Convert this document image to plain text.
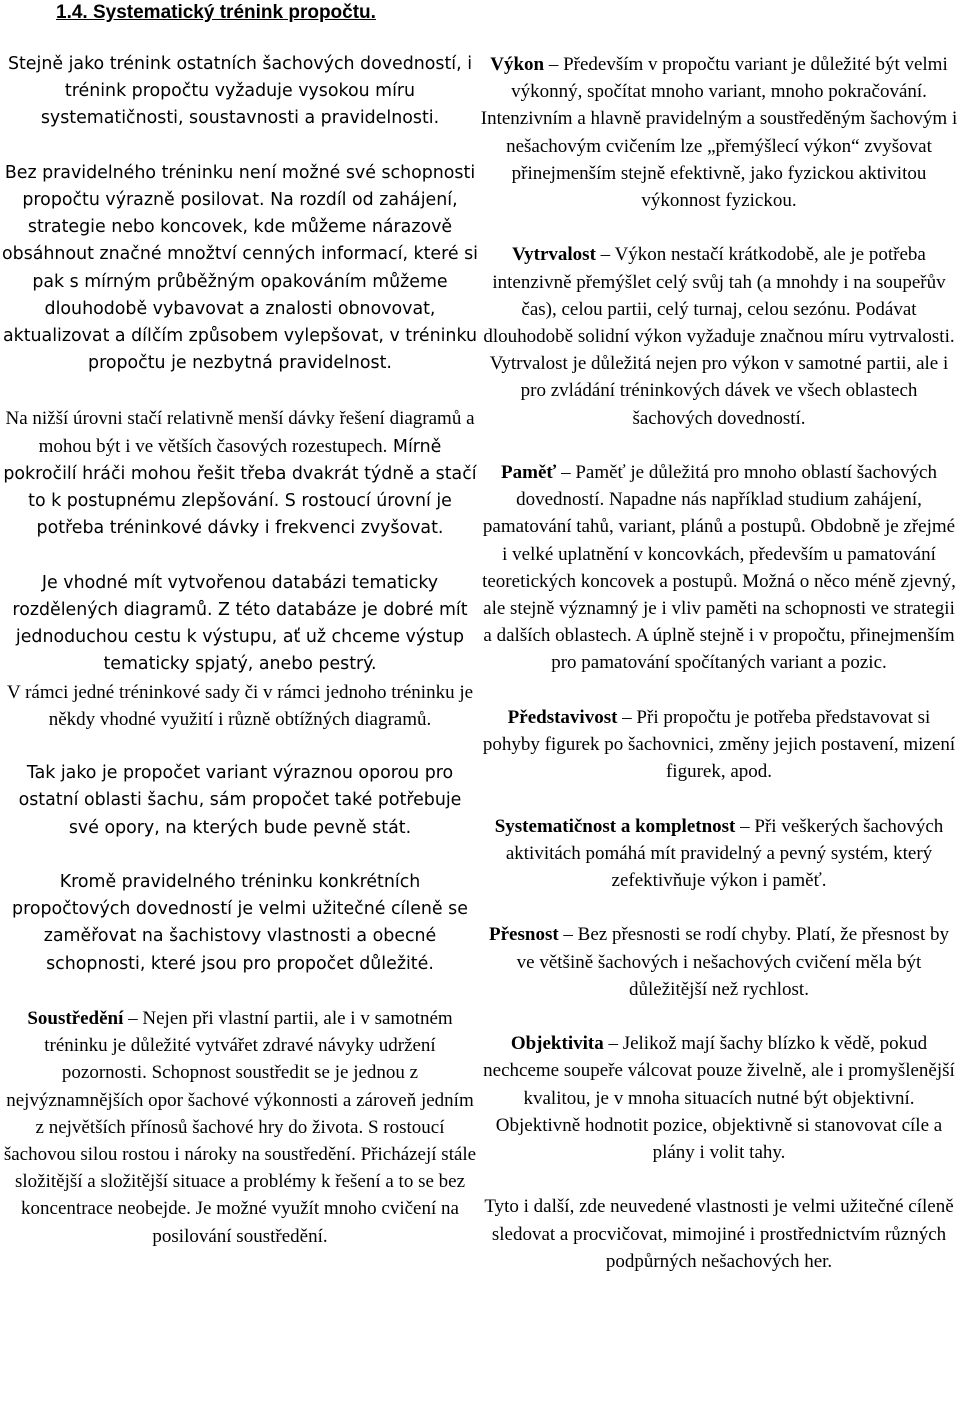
1.4. Systematický trénink propočtu.

Stejně jako trénink ostatních šachových dovedností, i trénink propočtu vyžaduje vysokou míru systematičnosti, soustavnosti a pravidelnosti.

Bez pravidelného tréninku není možné své schopnosti propočtu výrazně posilovat. Na rozdíl od zahájení, strategie nebo koncovek, kde můžeme nárazově obsáhnout značné množtví cenných informací, které si pak s mírným průběžným opakováním můžeme dlouhodobě vybavovat a znalosti obnovovat, aktualizovat a dílčím způsobem vylepšovat, v tréninku propočtu je nezbytná pravidelnost.

Na nižší úrovni stačí relativně menší dávky řešení diagramů a mohou být i ve větších časových rozestupech. Mírně pokročilí hráči mohou řešit třeba dvakrát týdně a stačí to k postupnému zlepšování. S rostoucí úrovní je potřeba tréninkové dávky i frekvenci zvyšovat.

Je vhodné mít vytvořenou databázi tematicky rozdělených diagramů. Z této databáze je dobré mít jednoduchou cestu k výstupu, ať už chceme výstup tematicky spjatý, anebo pestrý.

V rámci jedné tréninkové sady či v rámci jednoho tréninku je někdy vhodné využití i různě obtížných diagramů.

Tak jako je propočet variant výraznou oporou pro ostatní oblasti šachu, sám propočet také potřebuje své opory, na kterých bude pevně stát.

Kromě pravidelného tréninku konkrétních propočtových dovedností je velmi užitečné cíleně se zaměřovat na šachistovy vlastnosti a obecné schopnosti, které jsou pro propočet důležité.

Soustředění – Nejen při vlastní partii, ale i v samotném tréninku je důležité vytvářet zdravé návyky udržení pozornosti. Schopnost soustředit se je jednou z nejvýznamnějších opor šachové výkonnosti a zároveň jedním z největších přínosů šachové hry do života. S rostoucí šachovou silou rostou i nároky na soustředění. Přicházejí stále složitější a složitější situace a problémy k řešení a to se bez koncentrace neobejde. Je možné využít mnoho cvičení na posilování soustředění.

Výkon – Především v propočtu variant je důležité být velmi výkonný, spočítat mnoho variant, mnoho pokračování. Intenzivním a hlavně pravidelným a soustředěným šachovým i nešachovým cvičením lze „přemýšlecí výkon“ zvyšovat přinejmenším stejně efektivně, jako fyzickou aktivitou výkonnost fyzickou.

Vytrvalost – Výkon nestačí krátkodobě, ale je potřeba intenzivně přemýšlet celý svůj tah (a mnohdy i na soupeřův čas), celou partii, celý turnaj, celou sezónu. Podávat dlouhodobě solidní výkon vyžaduje značnou míru vytrvalosti. Vytrvalost je důležitá nejen pro výkon v samotné partii, ale i pro zvládání tréninkových dávek ve všech oblastech šachových dovedností.

Paměť – Paměť je důležitá pro mnoho oblastí šachových dovedností. Napadne nás například studium zahájení, pamatování tahů, variant, plánů a postupů. Obdobně je zřejmé i velké uplatnění v koncovkách, především u pamatování teoretických koncovek a postupů. Možná o něco méně zjevný, ale stejně významný je i vliv paměti na schopnosti ve strategii a dalších oblastech. A úplně stejně i v propočtu, přinejmenším pro pamatování spočítaných variant a pozic.

Představivost – Při propočtu je potřeba představovat si pohyby figurek po šachovnici, změny jejich postavení, mizení figurek, apod.

Systematičnost a kompletnost – Při veškerých šachových aktivitách pomáhá mít pravidelný a pevný systém, který zefektivňuje výkon i paměť.

Přesnost – Bez přesnosti se rodí chyby. Platí, že přesnost by ve většině šachových i nešachových cvičení měla být důležitější než rychlost.

Objektivita – Jelikož mají šachy blízko k vědě, pokud nechceme soupeře válcovat pouze živelně, ale i promyšlenější kvalitou, je v mnoha situacích nutné být objektivní. Objektivně hodnotit pozice, objektivně si stanovovat cíle a plány i volit tahy.

Tyto i další, zde neuvedené vlastnosti je velmi užitečné cíleně sledovat a procvičovat, mimojiné i prostřednictvím různých podpůrných nešachových her.
